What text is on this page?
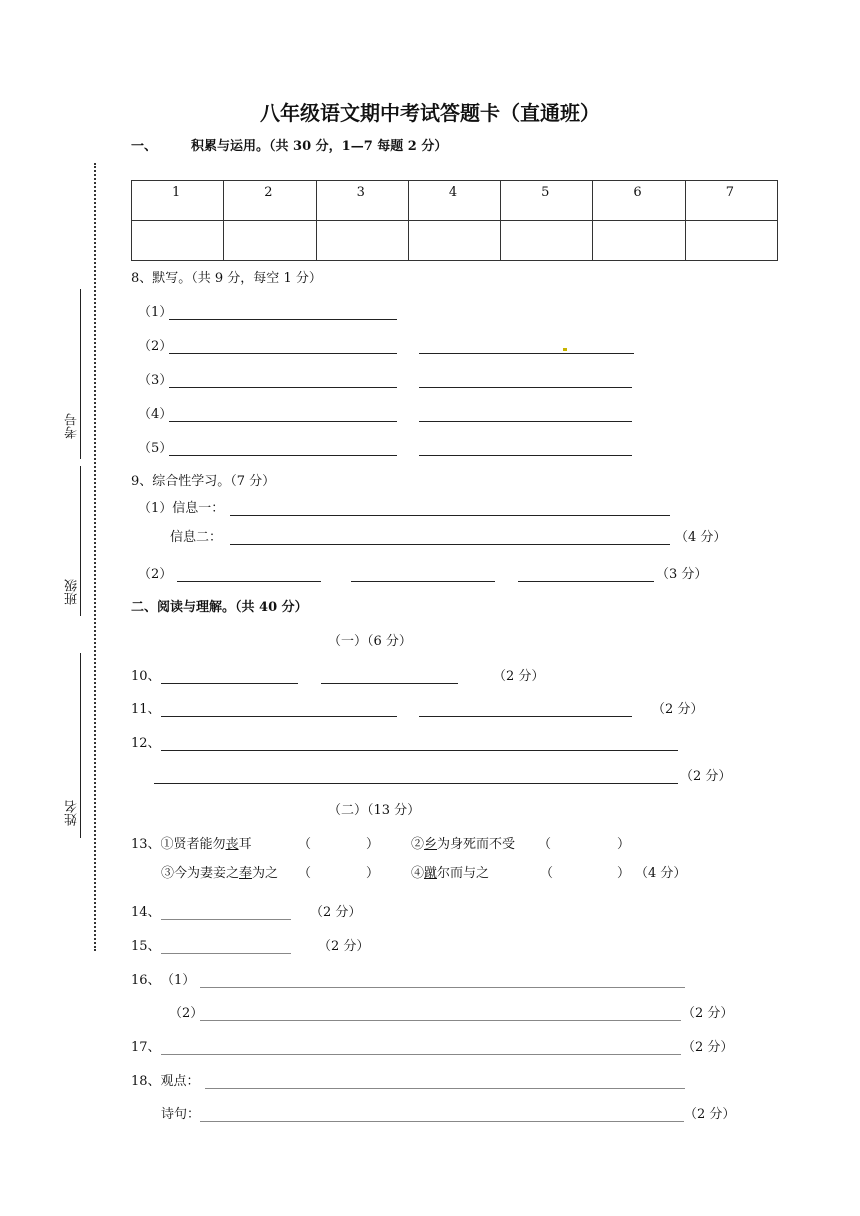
八年级语文期中考试答题卡（直通班）
考号
班级
姓名
一、	积累与运用。（共 30 分，1—7 每题 2 分）
1	2	3	4	5	6	7

8、默写。（共 9 分，每空 1 分）
（1）
（2）
（3）
（4）
（5）
9、综合性学习。（7 分）
（1）信息一：
信息二：	（4 分）
（2）	（3 分）
二、阅读与理解。（共 40 分）
（一）（6 分）
10、	（2 分）
11、	（2 分）
12、
（2 分）
（二）（13 分）
13、①贤者能勿丧耳	（	） ②乡为身死而不受 （	）
③今为妻妾之奉为之 （	） ④蹴尔而与之	（	） （4 分）
14、	（2 分）
15、	（2 分）
16、 （1）
（2）	（2 分）
17、	（2 分）
18、观点：
诗句：	（2 分）
